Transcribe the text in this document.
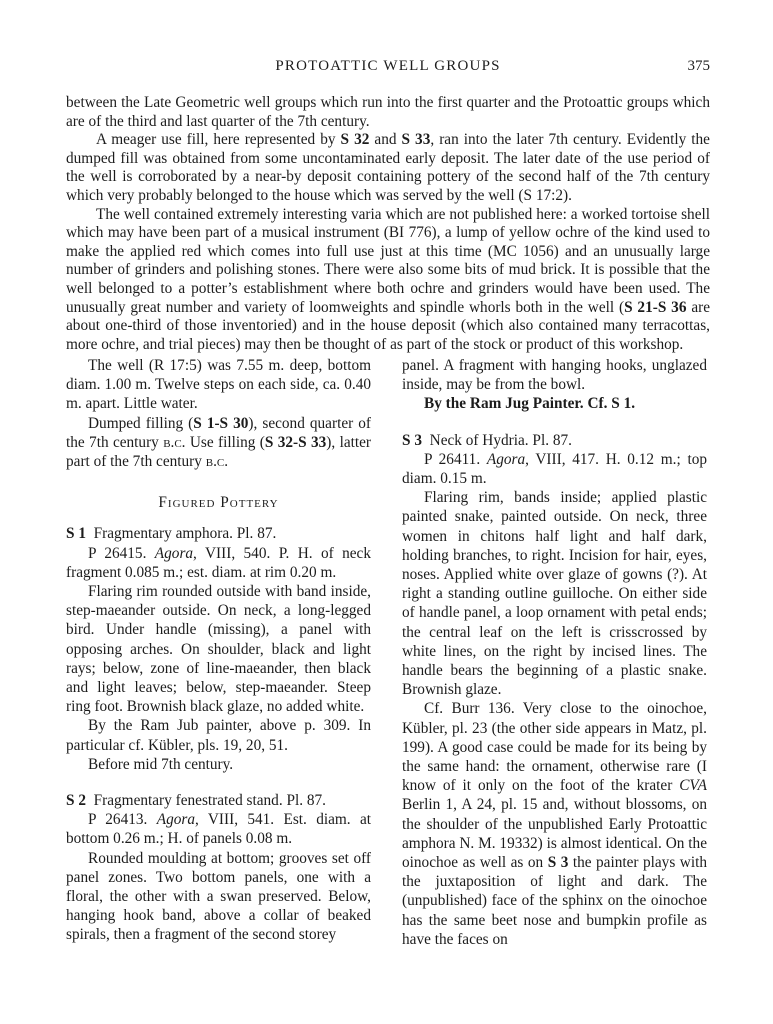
PROTOATTIC WELL GROUPS	375

between the Late Geometric well groups which run into the first quarter and the Protoattic groups which are of the third and last quarter of the 7th century.

A meager use fill, here represented by S 32 and S 33, ran into the later 7th century. Evidently the dumped fill was obtained from some uncontaminated early deposit. The later date of the use period of the well is corroborated by a near-by deposit containing pottery of the second half of the 7th century which very probably belonged to the house which was served by the well (S 17:2).

The well contained extremely interesting varia which are not published here: a worked tortoise shell which may have been part of a musical instrument (BI 776), a lump of yellow ochre of the kind used to make the applied red which comes into full use just at this time (MC 1056) and an unusually large number of grinders and polishing stones. There were also some bits of mud brick. It is possible that the well belonged to a potter’s establishment where both ochre and grinders would have been used. The unusually great number and variety of loomweights and spindle whorls both in the well (S 21-S 36 are about one-third of those inventoried) and in the house deposit (which also contained many terracottas, more ochre, and trial pieces) may then be thought of as part of the stock or product of this workshop.

The well (R 17:5) was 7.55 m. deep, bottom diam. 1.00 m. Twelve steps on each side, ca. 0.40 m. apart. Little water.

Dumped filling (S 1-S 30), second quarter of the 7th century b.c. Use filling (S 32-S 33), latter part of the 7th century b.c.

Figured Pottery

S 1 Fragmentary amphora. Pl. 87.

P 26415. Agora, VIII, 540. P. H. of neck fragment 0.085 m.; est. diam. at rim 0.20 m.

Flaring rim rounded outside with band inside, step-maeander outside. On neck, a long-legged bird. Under handle (missing), a panel with opposing arches. On shoulder, black and light rays; below, zone of line-maeander, then black and light leaves; below, step-maeander. Steep ring foot. Brownish black glaze, no added white.

By the Ram Jub painter, above p. 309. In particular cf. Kübler, pls. 19, 20, 51.

Before mid 7th century.

S 2 Fragmentary fenestrated stand. Pl. 87.

P 26413. Agora, VIII, 541. Est. diam. at bottom 0.26 m.; H. of panels 0.08 m.

Rounded moulding at bottom; grooves set off panel zones. Two bottom panels, one with a floral, the other with a swan preserved. Below, hanging hook band, above a collar of beaked spirals, then a fragment of the second storey

panel. A fragment with hanging hooks, unglazed inside, may be from the bowl.

By the Ram Jug Painter. Cf. S 1.

S 3 Neck of Hydria. Pl. 87.

P 26411. Agora, VIII, 417. H. 0.12 m.; top diam. 0.15 m.

Flaring rim, bands inside; applied plastic painted snake, painted outside. On neck, three women in chitons half light and half dark, holding branches, to right. Incision for hair, eyes, noses. Applied white over glaze of gowns (?). At right a standing outline guilloche. On either side of handle panel, a loop ornament with petal ends; the central leaf on the left is crisscrossed by white lines, on the right by incised lines. The handle bears the beginning of a plastic snake. Brownish glaze.

Cf. Burr 136. Very close to the oinochoe, Kübler, pl. 23 (the other side appears in Matz, pl. 199). A good case could be made for its being by the same hand: the ornament, otherwise rare (I know of it only on the foot of the krater CVA Berlin 1, A 24, pl. 15 and, without blossoms, on the shoulder of the unpublished Early Protoattic amphora N. M. 19332) is almost identical. On the oinochoe as well as on S 3 the painter plays with the juxtaposition of light and dark. The (unpublished) face of the sphinx on the oinochoe has the same beet nose and bumpkin profile as have the faces on
